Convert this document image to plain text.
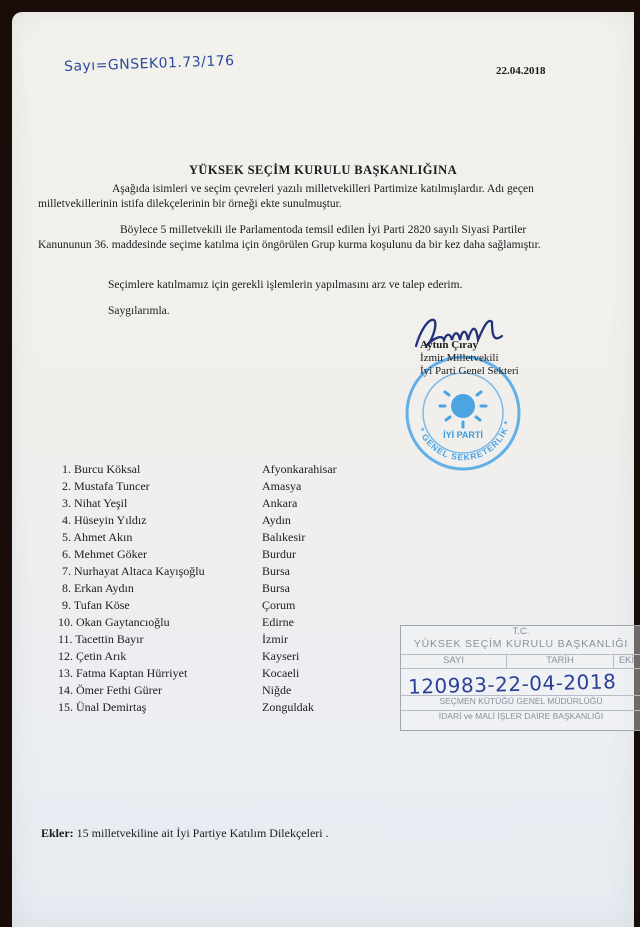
Sayı=GNSEK01.73/176	22.04.2018
YÜKSEK SEÇİM KURULU BAŞKANLIĞINA
Aşağıda isimleri ve seçim çevreleri yazılı milletvekilleri Partimize katılmışlardır. Adı geçen milletvekillerinin istifa dilekçelerinin bir örneği ekte sunulmuştur.
Böylece 5 milletvekili ile Parlamentoda temsil edilen İyi Parti 2820 sayılı Siyasi Partiler Kanununun 36. maddesinde seçime katılma için öngörülen Grup kurma koşulunu da bir kez daha sağlamıştır.
Seçimlere katılmamız için gerekli işlemlerin yapılmasını arz ve talep ederim.
Saygılarımla.
İYİ PARTİ
* GENEL SEKRETERLİK *
Aytun Çıray
İzmir Milletvekili
İyi Parti Genel Sekteri
1. Burcu Köksal	Afyonkarahisar
2. Mustafa Tuncer	Amasya
3. Nihat Yeşil	Ankara
4. Hüseyin Yıldız	Aydın
5. Ahmet Akın	Balıkesir
6. Mehmet Göker	Burdur
7. Nurhayat Altaca Kayışoğlu	Bursa
8. Erkan Aydın	Bursa
9. Tufan Köse	Çorum
10. Okan Gaytancıoğlu	Edirne
11. Tacettin Bayır	İzmir
12. Çetin Arık	Kayseri
13. Fatma Kaptan Hürriyet	Kocaeli
14. Ömer Fethi Gürer	Niğde
15. Ünal Demirtaş	Zonguldak
T.C.
YÜKSEK SEÇİM KURULU BAŞKANLIĞI
SAYI	TARİH	EKİ
SEÇMEN KÜTÜĞÜ GENEL MÜDÜRLÜĞÜ
İDARİ ve MALİ İŞLER DAİRE BAŞKANLIĞI
120983-22-04-2018
Ekler: 15 milletvekiline ait İyi Partiye Katılım Dilekçeleri .
